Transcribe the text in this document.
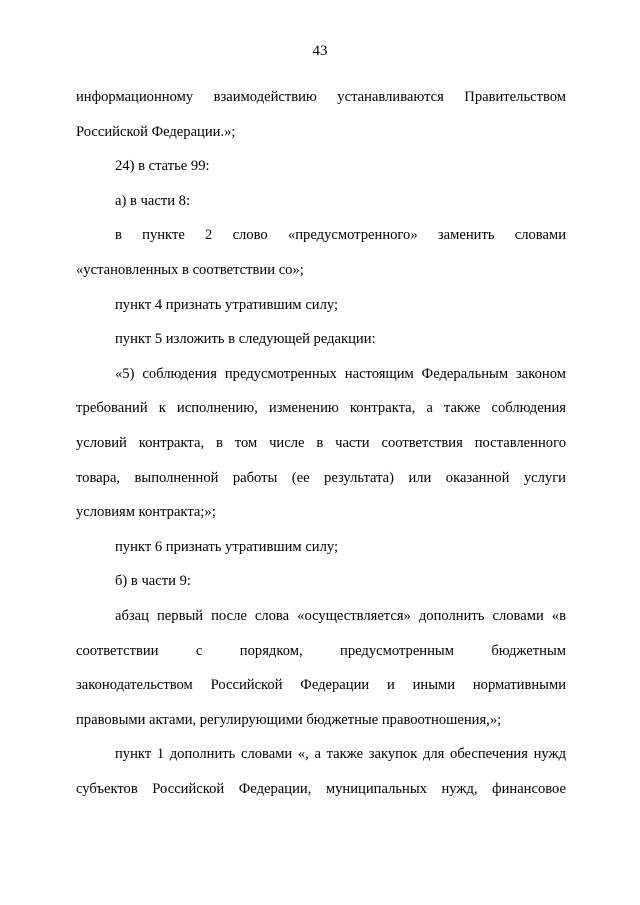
43
информационному взаимодействию устанавливаются Правительством
Российской Федерации.»;
24) в статье 99:
а) в части 8:
в пункте 2 слово «предусмотренного» заменить словами
«установленных в соответствии со»;
пункт 4 признать утратившим силу;
пункт 5 изложить в следующей редакции:
«5) соблюдения предусмотренных настоящим Федеральным законом
требований к исполнению, изменению контракта, а также соблюдения
условий контракта, в том числе в части соответствия поставленного
товара, выполненной работы (ее результата) или оказанной услуги
условиям контракта;»;
пункт 6 признать утратившим силу;
б) в части 9:
абзац первый после слова «осуществляется» дополнить словами «в
соответствии с порядком, предусмотренным бюджетным
законодательством Российской Федерации и иными нормативными
правовыми актами, регулирующими бюджетные правоотношения,»;
пункт 1 дополнить словами «, а также закупок для обеспечения нужд
субъектов Российской Федерации, муниципальных нужд, финансовое
